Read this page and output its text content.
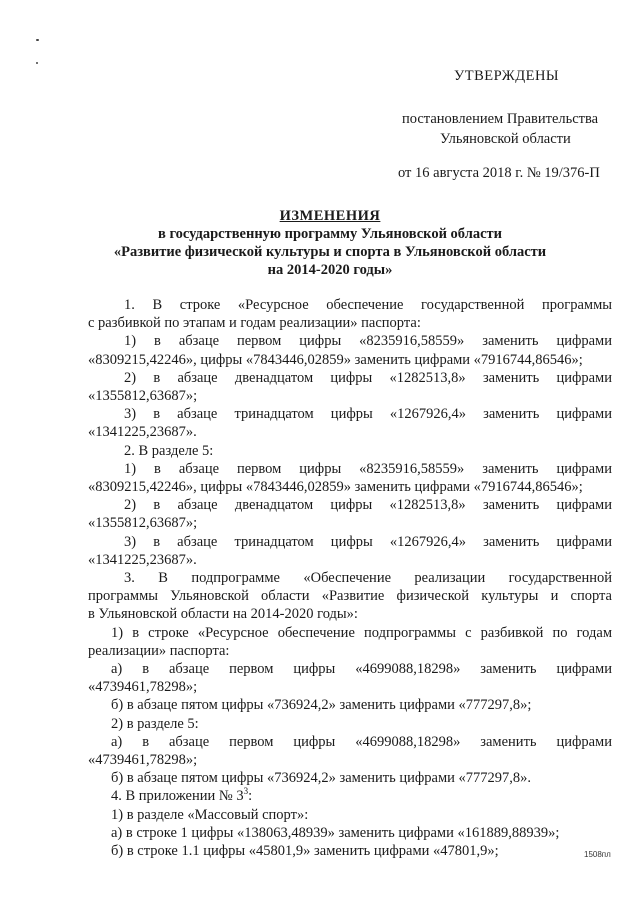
УТВЕРЖДЕНЫ
постановлением Правительства
Ульяновской области
от 16 августа 2018 г. № 19/376-П
ИЗМЕНЕНИЯ
в государственную программу Ульяновской области
«Развитие физической культуры и спорта в Ульяновской области
на 2014-2020 годы»

1. В строке «Ресурсное обеспечение государственной программы

с разбивкой по этапам и годам реализации» паспорта:

1) в абзаце первом цифры «8235916,58559» заменить цифрами

«8309215,42246», цифры «7843446,02859» заменить цифрами «7916744,86546»;

2) в абзаце двенадцатом цифры «1282513,8» заменить цифрами

«1355812,63687»;

3) в абзаце тринадцатом цифры «1267926,4» заменить цифрами

«1341225,23687».

2. В разделе 5:

1) в абзаце первом цифры «8235916,58559» заменить цифрами

«8309215,42246», цифры «7843446,02859» заменить цифрами «7916744,86546»;

2) в абзаце двенадцатом цифры «1282513,8» заменить цифрами

«1355812,63687»;

3) в абзаце тринадцатом цифры «1267926,4» заменить цифрами

«1341225,23687».

3. В подпрограмме «Обеспечение реализации государственной

программы Ульяновской области «Развитие физической культуры и спорта

в Ульяновской области на 2014-2020 годы»:

1) в строке «Ресурсное обеспечение подпрограммы с разбивкой по годам

реализации» паспорта:

а) в абзаце первом цифры «4699088,18298» заменить цифрами

«4739461,78298»;

б) в абзаце пятом цифры «736924,2» заменить цифрами «777297,8»;

2) в разделе 5:

а) в абзаце первом цифры «4699088,18298» заменить цифрами

«4739461,78298»;

б) в абзаце пятом цифры «736924,2» заменить цифрами «777297,8».

4. В приложении № $3^3$:

1) в разделе «Массовый спорт»:

а) в строке 1 цифры «138063,48939» заменить цифрами «161889,88939»;

б) в строке 1.1 цифры «45801,9» заменить цифрами «47801,9»;	1508пл
